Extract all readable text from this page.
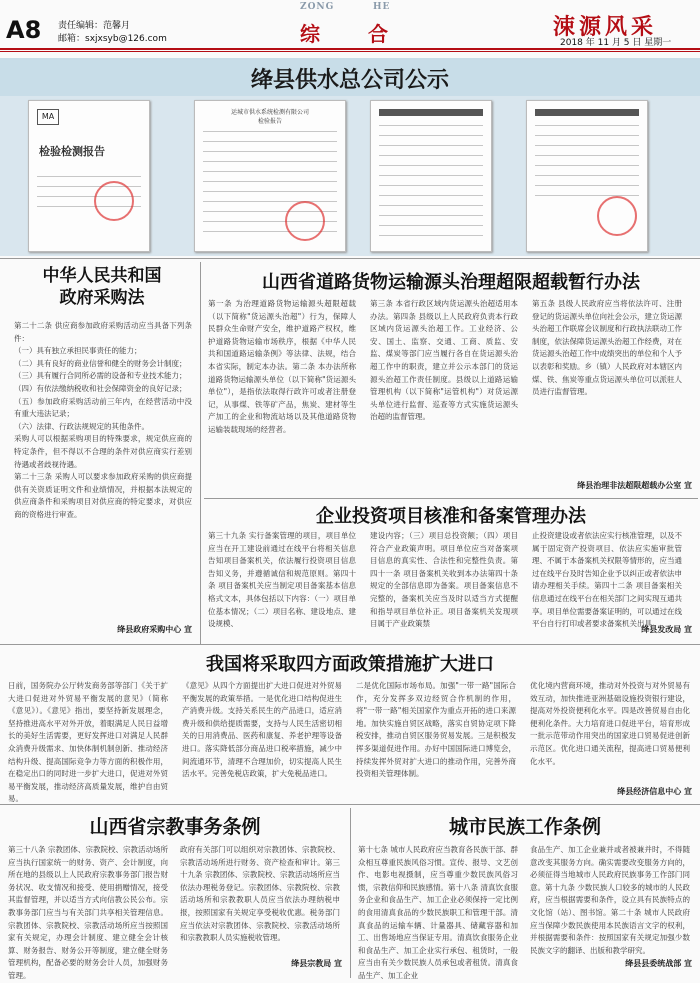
A8 责任编辑：范馨月
邮箱：sxjxsyb@126.com
ZONG	HE
综 合	涑源风采
2018 年 11 月 5 日 星期一
绛县供水总公司公示
MA
检验检测报告
运城市供水系统检测有限公司
检验报告
中华人民共和国
政府采购法

第二十二条 供应商参加政府采购活动应当具备下列条件：

（一）具有独立承担民事责任的能力；

（二）具有良好的商业信誉和健全的财务会计制度；

（三）具有履行合同所必需的设备和专业技术能力；

（四）有依法缴纳税收和社会保障资金的良好记录；

（五）参加政府采购活动前三年内，在经营活动中没有重大违法记录；

（六）法律、行政法规规定的其他条件。

采购人可以根据采购项目的特殊要求，规定供应商的特定条件，但不得以不合理的条件对供应商实行差别待遇或者歧视待遇。

第二十三条 采购人可以要求参加政府采购的供应商提供有关资质证明文件和业绩情况，并根据本法规定的供应商条件和采购项目对供应商的特定要求，对供应商的资格进行审查。

绛县政府采购中心 宣
山西省道路货物运输源头治理超限超载暂行办法
第一条 为治理道路货物运输源头超限超载（以下简称"货运源头治超"）行为，保障人民群众生命财产安全，维护道路产权权，维护道路货物运输市场秩序，根据《中华人民共和国道路运输条例》等法律、法规，结合本省实际，制定本办法。第二条 本办法所称道路货物运输源头单位（以下简称"货运源头单位"），是指依法取得行政许可或者注册登记，从事煤、铁等矿产品，焦炭、建材等生产加工的企业和物流站场以及其他道路货物运输装载现场的经营者。
第三条 本省行政区域内货运源头治超适用本办法。第四条 县级以上人民政府负责本行政区域内货运源头治超工作。工业经济、公安、国土、监察、交通、工商、质监、安监、煤炭等部门应当履行各自在货运源头治超工作中的职责，建立并公示本部门的货运源头治超工作责任制度。县级以上道路运输管理机构（以下简称"运管机构"）对货运源头单位进行监督、巡查等方式实施货运源头治超的监督管理。
第五条 县级人民政府应当将依法许可、注册登记的货运源头单位向社会公示，建立货运源头治超工作联席会议制度和行政执法联动工作制度，依法保障货运源头治超工作经费，对在货运源头治超工作中成绩突出的单位和个人予以表彰和奖励。乡（镇）人民政府对本辖区内煤、铁、焦炭等重点货运源头单位可以派驻人员进行监督管理。
绛县治理非法超限超载办公室 宣
企业投资项目核准和备案管理办法
第三十九条 实行备案管理的项目，项目单位应当在开工建设前通过在线平台将相关信息告知项目备案机关，依法履行投资项目信息告知义务，并遵循诚信和规范原则。第四十条 项目备案机关应当制定项目备案基本信息格式文本，具体包括以下内容：（一）项目单位基本情况；（二）项目名称、建设地点、建设规模、
建设内容；（三）项目总投资额；（四）项目符合产业政策声明。项目单位应当对备案项目信息的真实性、合法性和完整性负责。第四十一条 项目备案机关收到本办法第四十条规定的全部信息即为备案。项目备案信息不完整的，备案机关应当及时以适当方式提醒和指导项目单位补正。项目备案机关发现项目属于产业政策禁
止投资建设或者依法应实行核准管理，以及不属于固定资产投资项目、依法应实施审批管理、不属于本备案机关权限等情形的，应当通过在线平台及时告知企业予以纠正或者依法申请办理相关手续。第四十二条 项目备案相关信息通过在线平台在相关部门之间实现互通共享。项目单位需要备案证明的，可以通过在线平台自行打印或者要求备案机关出具。
绛县发改局 宣
我国将采取四方面政策措施扩大进口
日前，国务院办公厅转发商务部等部门《关于扩大进口促进对外贸易平衡发展的意见》（简称《意见》）。《意见》指出，要坚持新发展理念，坚持推进高水平对外开放，着眼满足人民日益增长的美好生活需要，更好发挥进口对满足人民群众消费升级需求、加快体制机制创新、推动经济结构升级、提高国际竞争力等方面的积极作用，在稳定出口的同时进一步扩大进口，促进对外贸易平衡发展，推动经济高质量发展，维护自由贸易。
《意见》从四个方面提出扩大进口促进对外贸易平衡发展的政策举措。一是优化进口结构促进生产消费升级。支持关系民生的产品进口，适应消费升级和供给提质需要，支持与人民生活密切相关的日用消费品、医药和康复、养老护理等设备进口。落实降低部分商品进口税率措施，减少中间流通环节，清理不合理加价，切实提高人民生活水平。完善免税店政策，扩大免税品进口。
二是优化国际市场布局。加强"一带一路"国际合作，充分发挥多双边经贸合作机制的作用，将"一带一路"相关国家作为重点开拓的进口来源地。加快实施自贸区战略，落实自贸协定项下降税安排，推动自贸区服务贸易发展。三是积极发挥多渠道促进作用。办好中国国际进口博览会，持续发挥外贸对扩大进口的推动作用，完善外商投资相关管理体制。
优化境内营商环境，推动对外投资与对外贸易有效互动，加快推进亚洲基础设施投资银行建设，提高对外投资便利化水平。四是改善贸易自由化便利化条件。大力培育进口促进平台，培育形成一批示范带动作用突出的国家进口贸易促进创新示范区。优化进口通关流程，提高进口贸易便利化水平。
绛县经济信息中心 宣
山西省宗教事务条例
第三十八条 宗教团体、宗教院校、宗教活动场所应当执行国家统一的财务、资产、会计制度，向所在地的县级以上人民政府宗教事务部门报告财务状况、收支情况和接受、使用捐赠情况，接受其监督管理，并以适当方式向信教公民公布。宗教事务部门应当与有关部门共享相关管理信息。宗教团体、宗教院校、宗教活动场所应当按照国家有关规定，办理会计制度、建立健全会计核算、财务报告、财务公开等制度，建立健全财务管理机构，配备必要的财务会计人员，加强财务管理。
政府有关部门可以组织对宗教团体、宗教院校、宗教活动场所进行财务、资产检查和审计。第三十九条 宗教团体、宗教院校、宗教活动场所应当依法办理税务登记。宗教团体、宗教院校、宗教活动场所和宗教教职人员应当依法办理纳税申报，按照国家有关规定享受税收优惠。税务部门应当依法对宗教团体、宗教院校、宗教活动场所和宗教教职人员实施税收管理。
绛县宗教局 宣
城市民族工作条例
第十七条 城市人民政府应当教育各民族干部、群众相互尊重民族风俗习惯。宣传、报导、文艺创作、电影电视摄制，应当尊重少数民族风俗习惯，宗教信仰和民族感情。第十八条 清真饮食服务企业和食品生产、加工企业必须保持一定比例的食用清真食品的少数民族职工和管理干部。清真食品的运输车辆、计量器具、储藏容器和加工、出售场地应当保证专用。清真饮食服务企业和食品生产、加工企业实行承包、租赁时，一般应当由有关少数民族人员承包或者租赁。清真食品生产、加工企业
食品生产、加工企业兼并或者被兼并时，不得随意改变其服务方向。确实需要改变服务方向的，必须征得当地城市人民政府民族事务工作部门同意。第十九条 少数民族人口较多的城市的人民政府，应当根据需要和条件，设立具有民族特点的文化馆（站）、图书馆。第二十条 城市人民政府应当保障少数民族使用本民族语言文字的权利，并根据需要和条件：按照国家有关规定加强少数民族文字的翻译、出版和教学研究。
绛县县委统战部 宣
